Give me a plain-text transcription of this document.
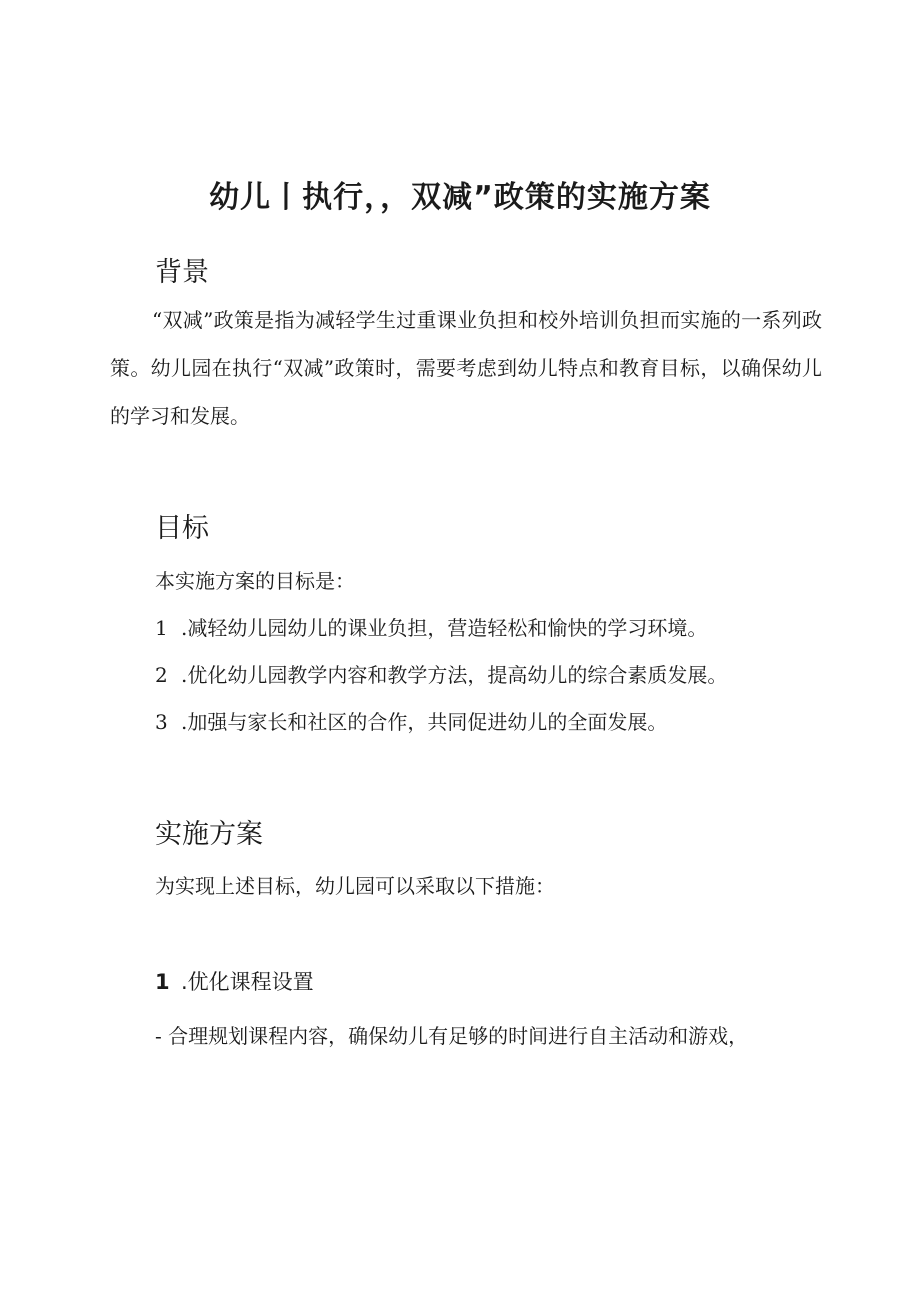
幼儿丨执行，，双减”政策的实施方案
背景
“双减”政策是指为减轻学生过重课业负担和校外培训负担而实施的一系列政策。幼儿园在执行“双减”政策时，需要考虑到幼儿特点和教育目标，以确保幼儿的学习和发展。
目标
本实施方案的目标是：
1 .减轻幼儿园幼儿的课业负担，营造轻松和愉快的学习环境。
2 .优化幼儿园教学内容和教学方法，提高幼儿的综合素质发展。
3 .加强与家长和社区的合作，共同促进幼儿的全面发展。
实施方案
为实现上述目标，幼儿园可以采取以下措施：
1 .优化课程设置
- 合理规划课程内容，确保幼儿有足够的时间进行自主活动和游戏，
